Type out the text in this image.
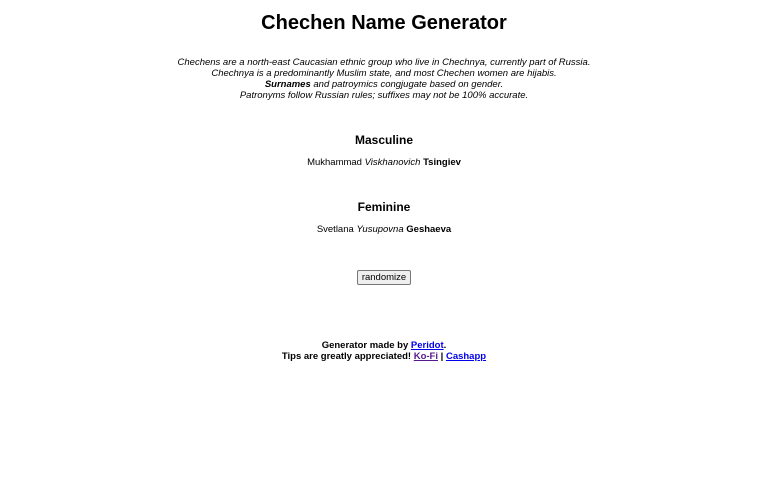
Chechen Name Generator
Chechens are a north-east Caucasian ethnic group who live in Chechnya, currently part of Russia.
Chechnya is a predominantly Muslim state, and most Chechen women are hijabis.
Surnames and patroymics congjugate based on gender.
Patronyms follow Russian rules; suffixes may not be 100% accurate.
Masculine
Mukhammad Viskhanovich Tsingiev
Feminine
Svetlana Yusupovna Geshaeva
randomize
Generator made by Peridot.
Tips are greatly appreciated! Ko-Fi | Cashapp
